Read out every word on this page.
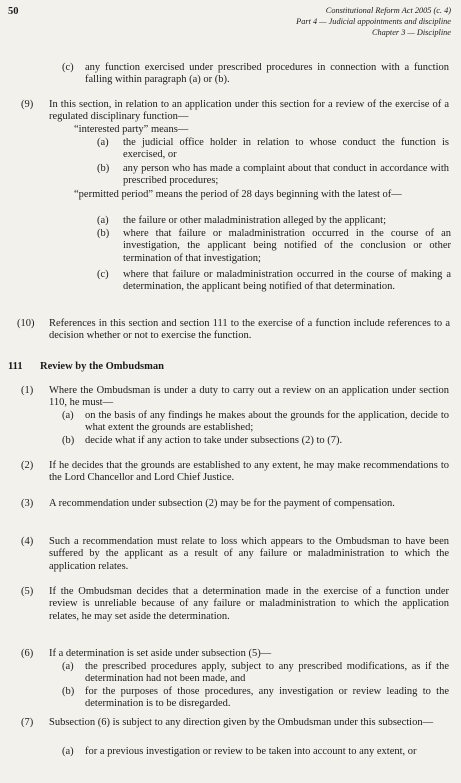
50	Constitutional Reform Act 2005 (c. 4)
Part 4 — Judicial appointments and discipline
Chapter 3 — Discipline
(c) any function exercised under prescribed procedures in connection with a function falling within paragraph (a) or (b).
(9) In this section, in relation to an application under this section for a review of the exercise of a regulated disciplinary function—
“interested party” means—
(a) the judicial office holder in relation to whose conduct the function is exercised, or
(b) any person who has made a complaint about that conduct in accordance with prescribed procedures;
“permitted period” means the period of 28 days beginning with the latest of—
(a) the failure or other maladministration alleged by the applicant;
(b) where that failure or maladministration occurred in the course of an investigation, the applicant being notified of the conclusion or other termination of that investigation;
(c) where that failure or maladministration occurred in the course of making a determination, the applicant being notified of that determination.
(10) References in this section and section 111 to the exercise of a function include references to a decision whether or not to exercise the function.
111 Review by the Ombudsman
(1) Where the Ombudsman is under a duty to carry out a review on an application under section 110, he must—
(a) on the basis of any findings he makes about the grounds for the application, decide to what extent the grounds are established;
(b) decide what if any action to take under subsections (2) to (7).
(2) If he decides that the grounds are established to any extent, he may make recommendations to the Lord Chancellor and Lord Chief Justice.
(3) A recommendation under subsection (2) may be for the payment of compensation.
(4) Such a recommendation must relate to loss which appears to the Ombudsman to have been suffered by the applicant as a result of any failure or maladministration to which the application relates.
(5) If the Ombudsman decides that a determination made in the exercise of a function under review is unreliable because of any failure or maladministration to which the application relates, he may set aside the determination.
(6) If a determination is set aside under subsection (5)—
(a) the prescribed procedures apply, subject to any prescribed modifications, as if the determination had not been made, and
(b) for the purposes of those procedures, any investigation or review leading to the determination is to be disregarded.
(7) Subsection (6) is subject to any direction given by the Ombudsman under this subsection—
(a) for a previous investigation or review to be taken into account to any extent, or
